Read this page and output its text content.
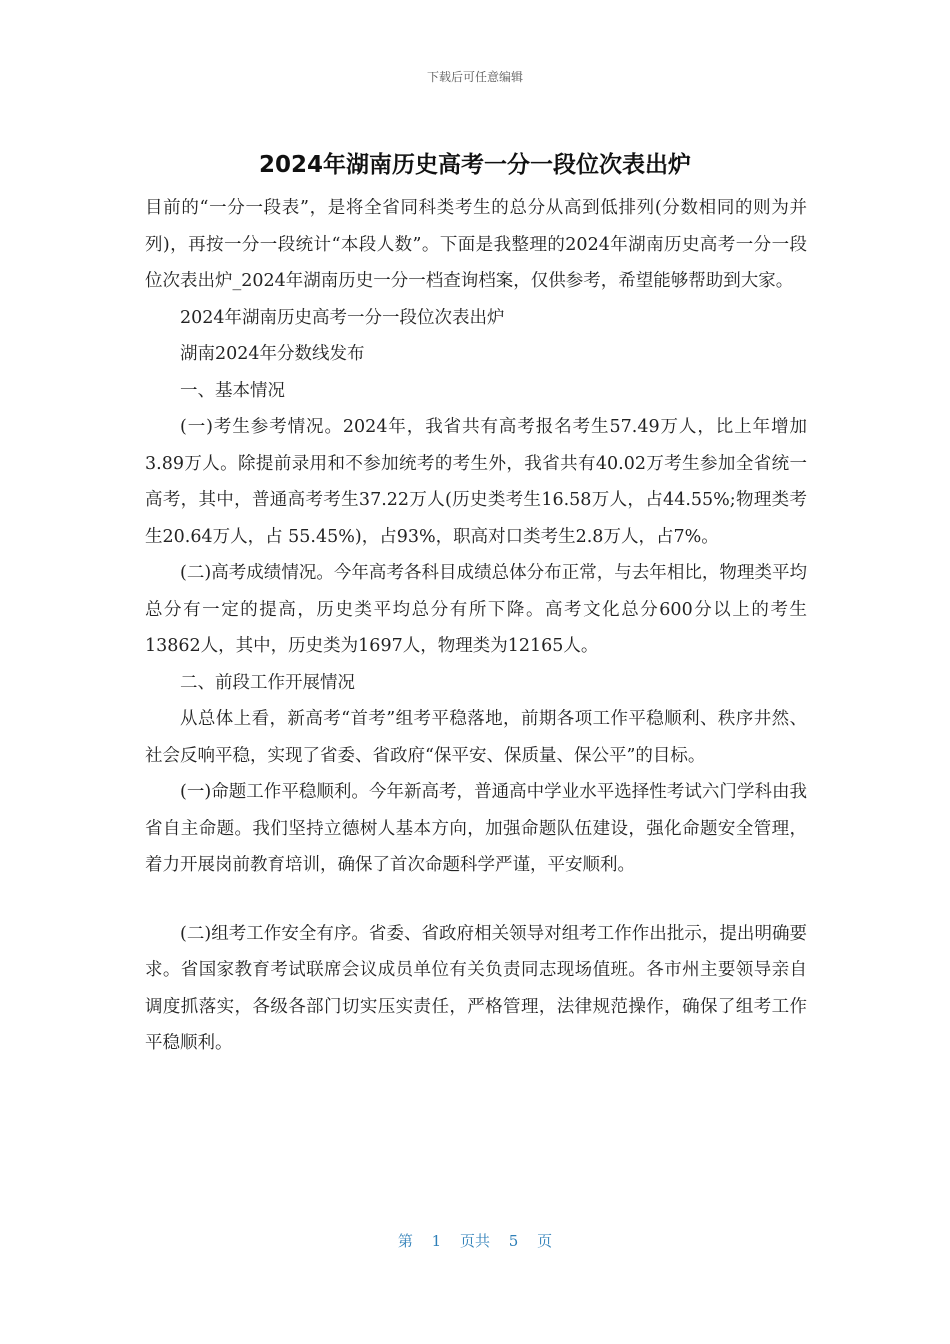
下载后可任意编辑
2024年湖南历史高考一分一段位次表出炉

目前的“一分一段表”，是将全省同科类考生的总分从高到低排列(分数相同的则为并列)，再按一分一段统计“本段人数”。下面是我整理的2024年湖南历史高考一分一段位次表出炉_2024年湖南历史一分一档查询档案，仅供参考，希望能够帮助到大家。

2024年湖南历史高考一分一段位次表出炉

湖南2024年分数线发布

一、基本情况

(一)考生参考情况。2024年，我省共有高考报名考生57.49万人，比上年增加3.89万人。除提前录用和不参加统考的考生外，我省共有40.02万考生参加全省统一高考，其中，普通高考考生37.22万人(历史类考生16.58万人，占44.55%;物理类考生20.64万人，占 55.45%)，占93%，职高对口类考生2.8万人，占7%。

(二)高考成绩情况。今年高考各科目成绩总体分布正常，与去年相比，物理类平均总分有一定的提高，历史类平均总分有所下降。高考文化总分600分以上的考生13862人，其中，历史类为1697人，物理类为12165人。

二、前段工作开展情况

从总体上看，新高考“首考”组考平稳落地，前期各项工作平稳顺利、秩序井然、社会反响平稳，实现了省委、省政府“保平安、保质量、保公平”的目标。

(一)命题工作平稳顺利。今年新高考，普通高中学业水平选择性考试六门学科由我省自主命题。我们坚持立德树人基本方向，加强命题队伍建设，强化命题安全管理，着力开展岗前教育培训，确保了首次命题科学严谨，平安顺利。

(二)组考工作安全有序。省委、省政府相关领导对组考工作作出批示，提出明确要求。省国家教育考试联席会议成员单位有关负责同志现场值班。各市州主要领导亲自调度抓落实，各级各部门切实压实责任，严格管理，法律规范操作，确保了组考工作平稳顺利。

第 1 页共 5 页
